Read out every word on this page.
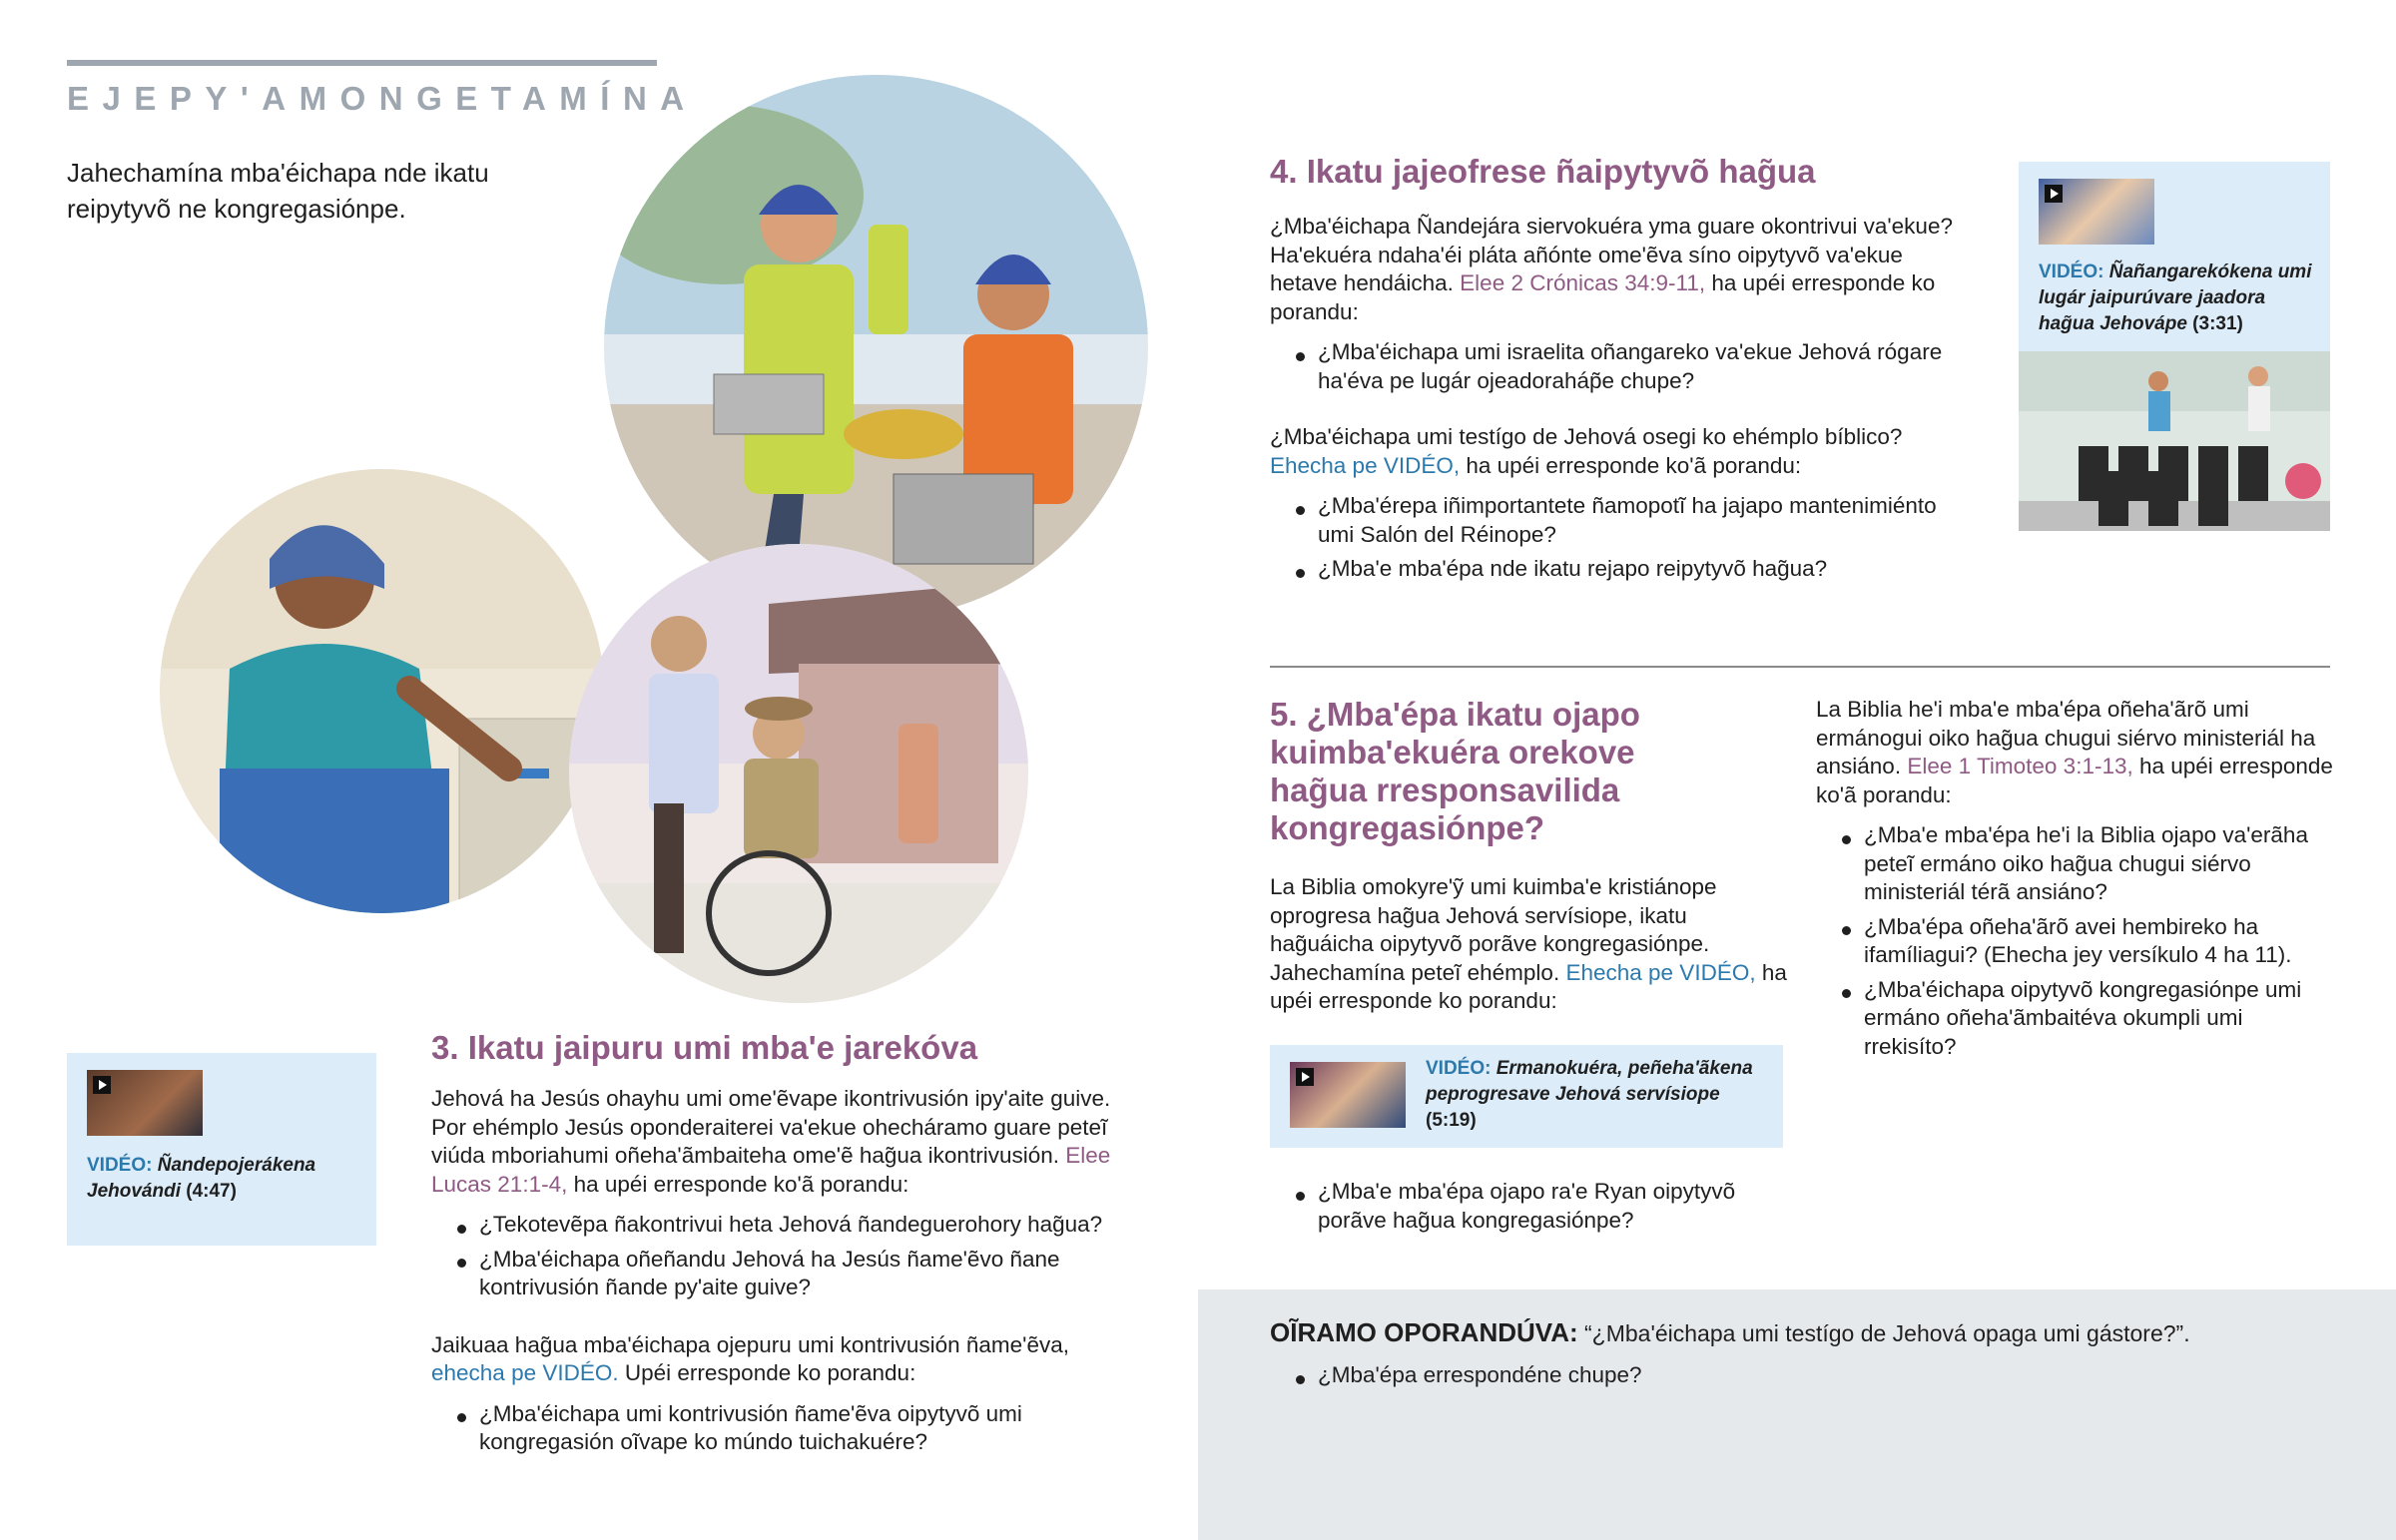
EJEPY'AMONGETAMÍNA

Jahechamína mba'éichapa nde ikatu reipytyvõ ne kongregasiónpe.

VIDÉO: Ñandepojerákena Jehovándi (4:47)

3. Ikatu jaipuru umi mba'e jarekóva

Jehová ha Jesús ohayhu umi ome'ẽvape ikontrivusión ipy'aite guive. Por ehémplo Jesús oponderaiterei va'ekue ohecháramo guare peteĩ viúda mboriahumi oñeha'ãmbaiteha ome'ẽ hag̃ua ikontrivusión. Elee Lucas 21:1-4, ha upéi erresponde ko'ã porandu:

¿Tekotevẽpa ñakontrivui heta Jehová ñandeguerohory hag̃ua?
¿Mba'éichapa oñeñandu Jehová ha Jesús ñame'ẽvo ñane kontrivusión ñande py'aite guive?

Jaikuaa hag̃ua mba'éichapa ojepuru umi kontrivusión ñame'ẽva, ehecha pe VIDÉO. Upéi erresponde ko porandu:

¿Mba'éichapa umi kontrivusión ñame'ẽva oipytyvõ umi kongregasión oĩvape ko múndo tuichakuére?
4. Ikatu jajeofrese ñaipytyvõ hag̃ua

¿Mba'éichapa Ñandejára siervokuéra yma guare okontrivui va'ekue? Ha'ekuéra ndaha'éi pláta añónte ome'ẽva síno oipytyvõ va'ekue hetave hendáicha. Elee 2 Crónicas 34:9-11, ha upéi erresponde ko porandu:

¿Mba'éichapa umi israelita oñangareko va'ekue Jehová rógare ha'éva pe lugár ojeadoraháp̃e chupe?

¿Mba'éichapa umi testígo de Jehová osegi ko ehémplo bíblico?
Ehecha pe VIDÉO, ha upéi erresponde ko'ã porandu:

¿Mba'érepa iñimportantete ñamopotĩ ha jajapo mantenimiénto umi Salón del Réinope?
¿Mba'e mba'épa nde ikatu rejapo reipytyvõ hag̃ua?

VIDÉO: Ñañangarekókena umi lugár jaipurúvare jaadora hag̃ua Jehovápe (3:31)

5. ¿Mba'épa ikatu ojapo kuimba'ekuéra orekove hag̃ua rresponsavilida kongregasiónpe?

La Biblia omokyre'ỹ umi kuimba'e kristiánope oprogresa hag̃ua Jehová servísiope, ikatu hag̃uáicha oipytyvõ porãve kongregasiónpe. Jahechamína peteĩ ehémplo. Ehecha pe VIDÉO, ha upéi erresponde ko porandu:

VIDÉO: Ermanokuéra, peñeha'ãkena peprogresave Jehová servísiope (5:19)

¿Mba'e mba'épa ojapo ra'e Ryan oipytyvõ porãve hag̃ua kongregasiónpe?

La Biblia he'i mba'e mba'épa oñeha'ãrõ umi ermánogui oiko hag̃ua chugui siérvo ministeriál ha ansiáno. Elee 1 Timoteo 3:1-13, ha upéi erresponde ko'ã porandu:

¿Mba'e mba'épa he'i la Biblia ojapo va'erãha peteĩ ermáno oiko hag̃ua chugui siérvo ministeriál térã ansiáno?
¿Mba'épa oñeha'ãrõ avei hembireko ha ifamíliagui? (Ehecha jey versíkulo 4 ha 11).
¿Mba'éichapa oipytyvõ kongregasiónpe umi ermáno oñeha'ãmbaitéva okumpli umi rrekisíto?

OĨRAMO OPORANDÚVA: “¿Mba'éichapa umi testígo de Jehová opaga umi gástore?”.

¿Mba'épa errespondéne chupe?
